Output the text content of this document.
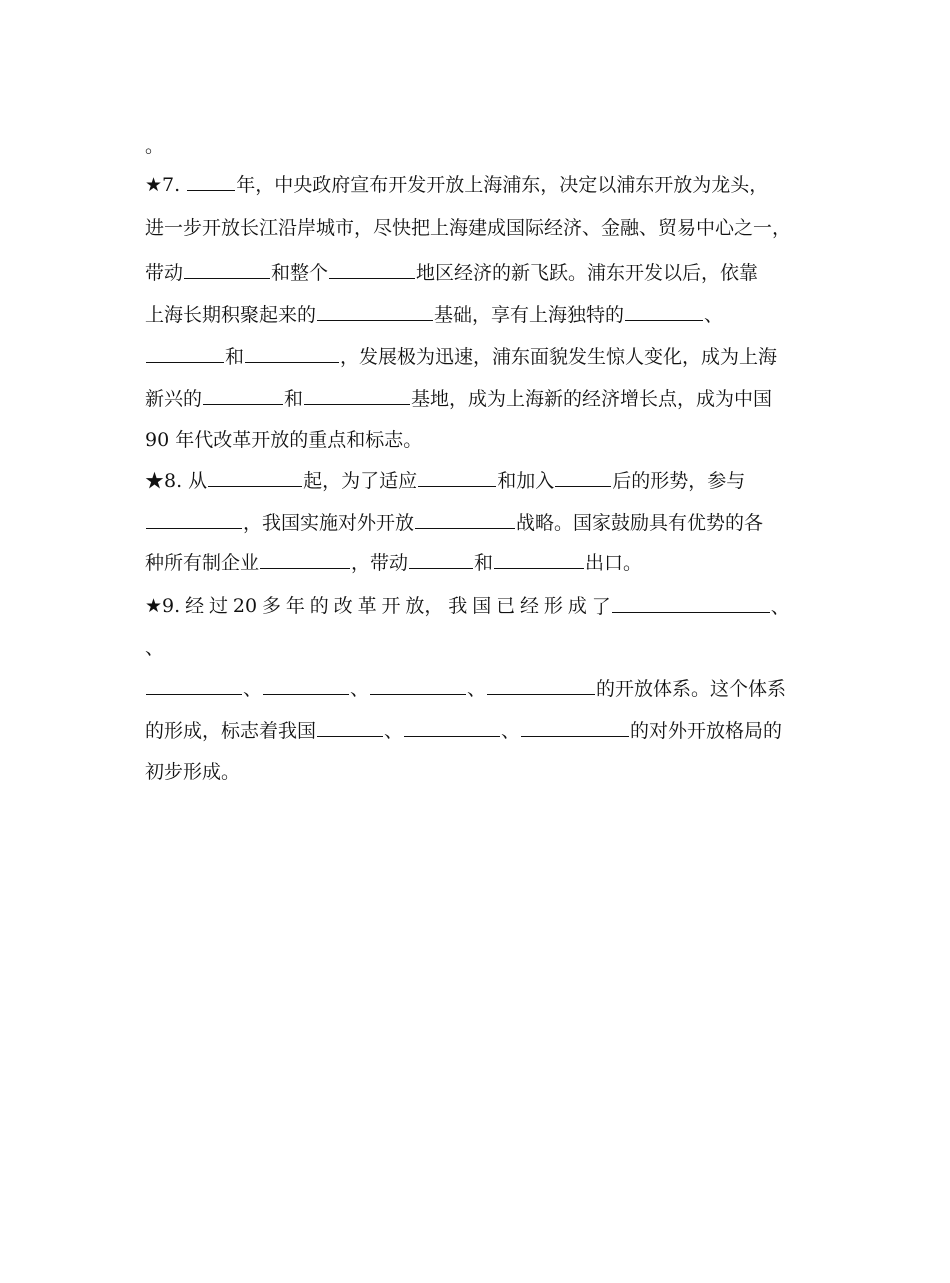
。
★7.	年，中央政府宣布开发开放上海浦东，决定以浦东开放为龙头，
进一步开放长江沿岸城市，尽快把上海建成国际经济、金融、贸易中心之一，
带动	和整个	地区经济的新飞跃。浦东开发以后，依靠
上海长期积聚起来的	基础，享有上海独特的	、
和	，发展极为迅速，浦东面貌发生惊人变化，成为上海
新兴的	和	基地，成为上海新的经济增长点，成为中国
90 年代改革开放的重点和标志。
★8. 从	起，为了适应	和加入	后的形势，参与
，我国实施对外开放	战略。国家鼓励具有优势的各
种所有制企业	，带动	和	出口。
★9. 经 过 20 多 年 的 改 革 开 放， 我 国 已 经 形 成 了	、
、
、	、	、	的开放体系。这个体系
的形成，标志着我国	、	、	的对外开放格局的
初步形成。
